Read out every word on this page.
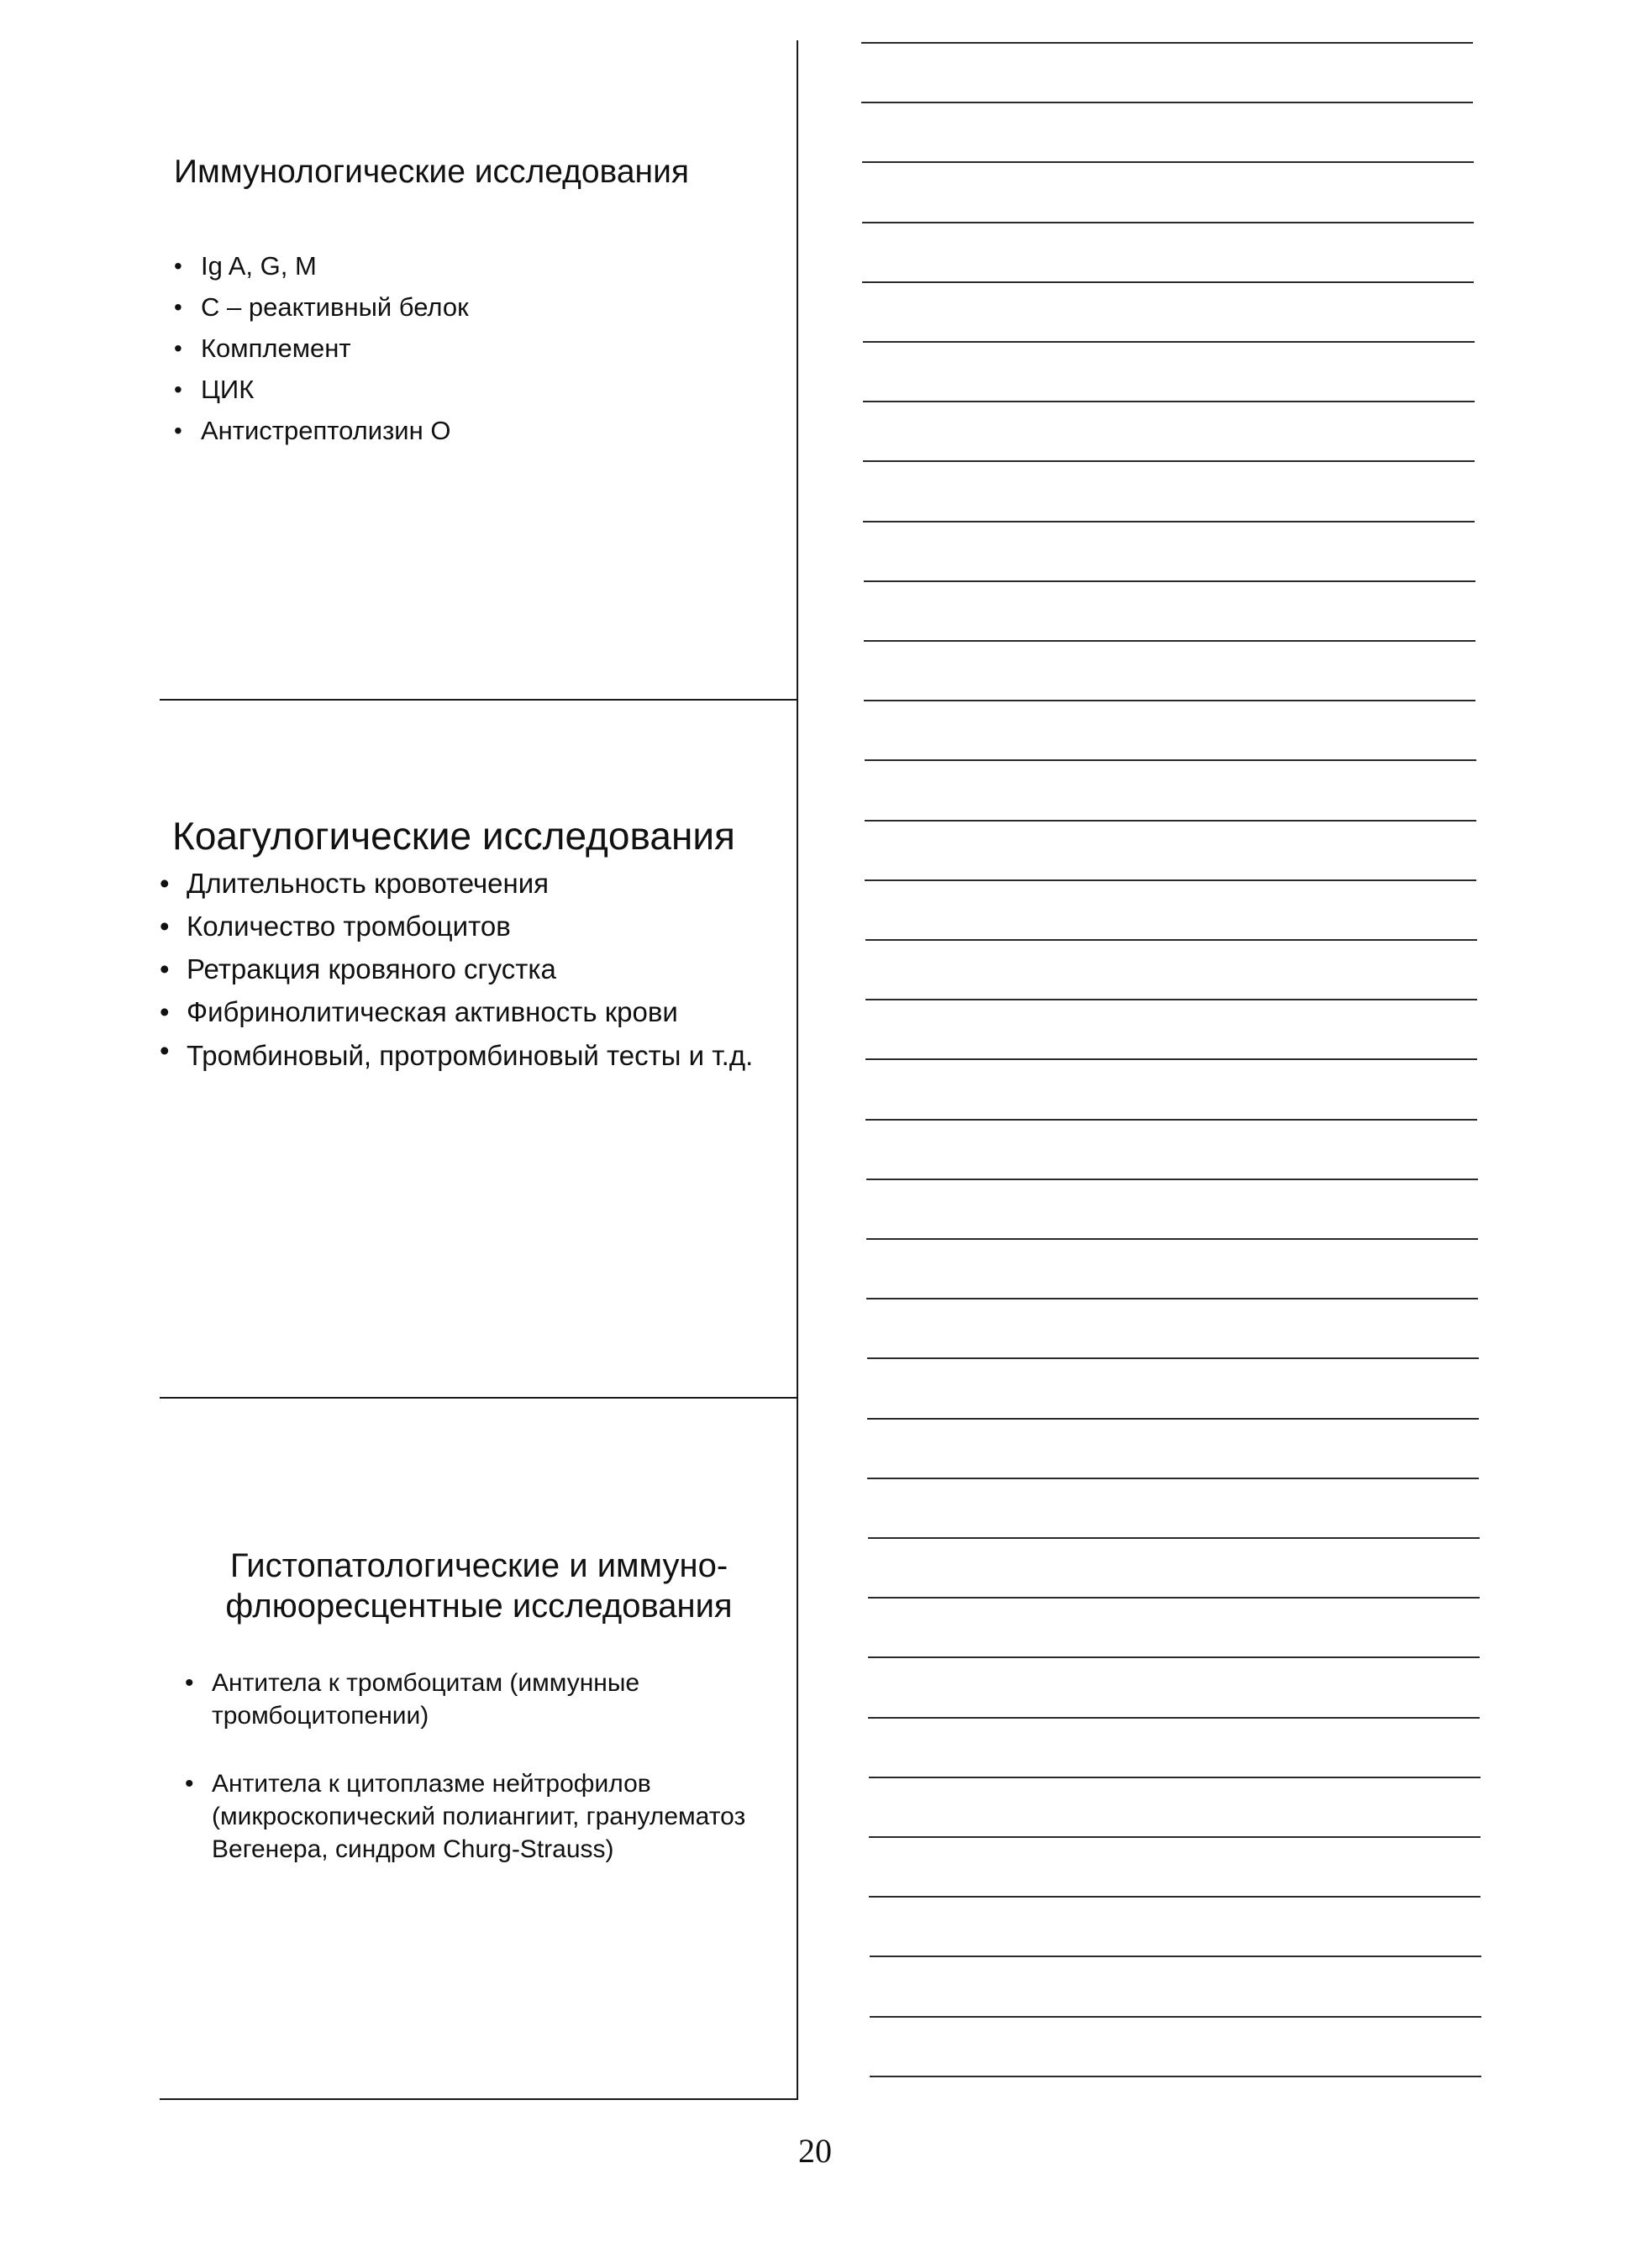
Иммунологические исследования
• Ig A, G, M
• C – реактивный белок
• Комплемент
• ЦИК
• Антистрептолизин О
Коагулогические исследования
• Длительность кровотечения
• Количество тромбоцитов
• Ретракция кровяного сгустка
• Фибринолитическая активность крови
• Тромбиновый, протромбиновый тесты и т.д.
Гистопатологические и иммуно-флюоресцентные исследования
• Антитела к тромбоцитам (иммунные тромбоцитопении)
• Антитела к цитоплазме нейтрофилов (микроскопический полиангиит, гранулематоз Вегенера, синдром Churg-Strauss)
20
